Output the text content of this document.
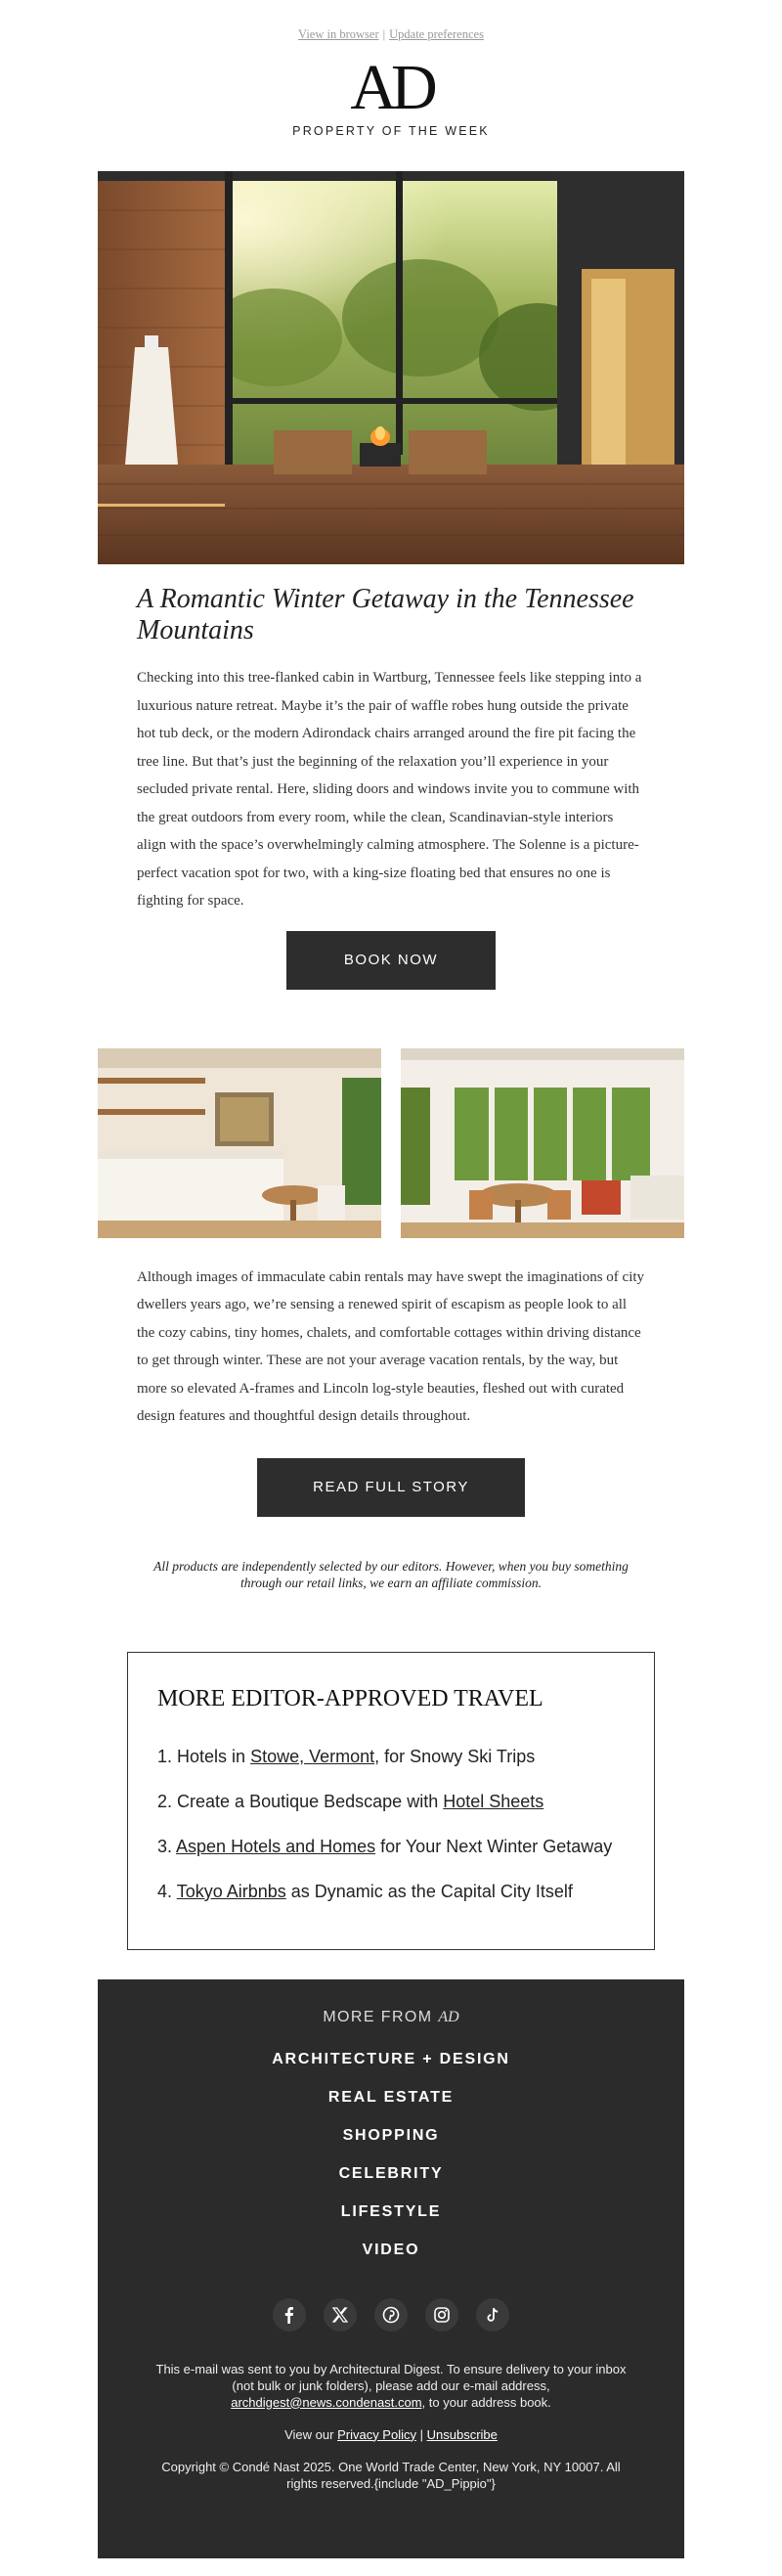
View in browser | Update preferences
AD
PROPERTY OF THE WEEK
A Romantic Winter Getaway in the Tennessee Mountains

Checking into this tree-flanked cabin in Wartburg, Tennessee feels like stepping into a luxurious nature retreat. Maybe it’s the pair of waffle robes hung outside the private hot tub deck, or the modern Adirondack chairs arranged around the fire pit facing the tree line. But that’s just the beginning of the relaxation you’ll experience in your secluded private rental. Here, sliding doors and windows invite you to commune with the great outdoors from every room, while the clean, Scandinavian-style interiors align with the space’s overwhelmingly calming atmosphere. The Solenne is a picture-perfect vacation spot for two, with a king-size floating bed that ensures no one is fighting for space.

BOOK NOW

Although images of immaculate cabin rentals may have swept the imaginations of city dwellers years ago, we’re sensing a renewed spirit of escapism as people look to all the cozy cabins, tiny homes, chalets, and comfortable cottages within driving distance to get through winter. These are not your average vacation rentals, by the way, but more so elevated A-frames and Lincoln log-style beauties, fleshed out with curated design features and thoughtful design details throughout.

READ FULL STORY
All products are independently selected by our editors. However, when you buy something through our retail links, we earn an affiliate commission.
MORE EDITOR-APPROVED TRAVEL

1. Hotels in Stowe, Vermont, for Snowy Ski Trips

2. Create a Boutique Bedscape with Hotel Sheets

3. Aspen Hotels and Homes for Your Next Winter Getaway

4. Tokyo Airbnbs as Dynamic as the Capital City Itself

MORE FROM AD
ARCHITECTURE + DESIGN
REAL ESTATE
SHOPPING
CELEBRITY
LIFESTYLE
VIDEO
This e-mail was sent to you by Architectural Digest. To ensure delivery to your inbox (not bulk or junk folders), please add our e-mail address, archdigest@news.condenast.com, to your address book.
View our Privacy Policy | Unsubscribe
Copyright © Condé Nast 2025. One World Trade Center, New York, NY 10007. All rights reserved.{include "AD_Pippio"}
